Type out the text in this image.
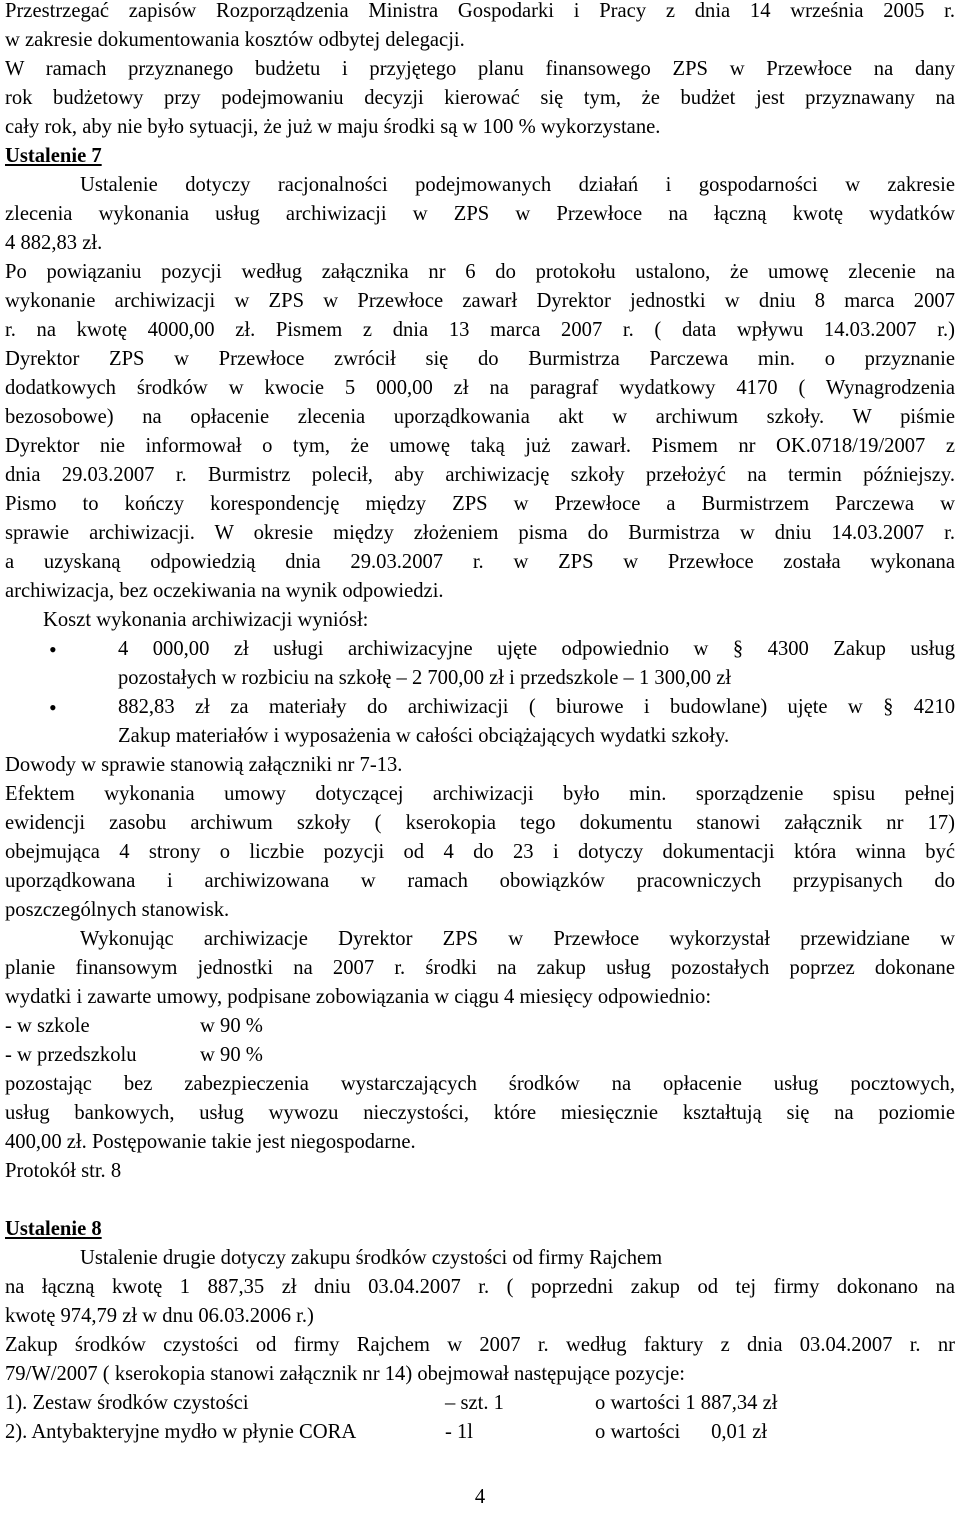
Przestrzegać zapisów Rozporządzenia Ministra Gospodarki i Pracy z dnia 14 września 2005 r.
w zakresie dokumentowania kosztów odbytej delegacji.

W ramach przyznanego budżetu i przyjętego planu finansowego ZPS w Przewłoce na dany
rok budżetowy przy podejmowaniu decyzji kierować się tym, że budżet jest przyznawany na
cały rok, aby nie było sytuacji, że już w maju środki są w 100 % wykorzystane.

Ustalenie 7

Ustalenie dotyczy racjonalności podejmowanych działań i gospodarności w zakresie
zlecenia wykonania usług archiwizacji w ZPS w Przewłoce na łączną kwotę wydatków
4 882,83 zł.

Po powiązaniu pozycji według załącznika nr 6 do protokołu ustalono, że umowę zlecenie na
wykonanie archiwizacji w ZPS w Przewłoce zawarł Dyrektor jednostki w dniu 8 marca 2007
r. na kwotę 4000,00 zł. Pismem z dnia 13 marca 2007 r. ( data wpływu 14.03.2007 r.)
Dyrektor ZPS w Przewłoce zwrócił się do Burmistrza Parczewa min. o przyznanie
dodatkowych środków w kwocie 5 000,00 zł na paragraf wydatkowy 4170 ( Wynagrodzenia
bezosobowe) na opłacenie zlecenia uporządkowania akt w archiwum szkoły. W piśmie
Dyrektor nie informował o tym, że umowę taką już zawarł. Pismem nr OK.0718/19/2007 z
dnia 29.03.2007 r. Burmistrz polecił, aby archiwizację szkoły przełożyć na termin późniejszy.
Pismo to kończy korespondencję między ZPS w Przewłoce a Burmistrzem Parczewa w
sprawie archiwizacji. W okresie między złożeniem pisma do Burmistrza w dniu 14.03.2007 r.
a uzyskaną odpowiedzią dnia 29.03.2007 r. w ZPS w Przewłoce została wykonana
archiwizacja, bez oczekiwania na wynik odpowiedzi.

Koszt wykonania archiwizacji wyniósł:

• 4 000,00 zł usługi archiwizacyjne ujęte odpowiednio w § 4300 Zakup usług
pozostałych w rozbiciu na szkołę – 2 700,00 zł i przedszkole – 1 300,00 zł
• 882,83 zł za materiały do archiwizacji ( biurowe i budowlane) ujęte w § 4210
Zakup materiałów i wyposażenia w całości obciążających wydatki szkoły.

Dowody w sprawie stanowią załączniki nr 7-13.

Efektem wykonania umowy dotyczącej archiwizacji było min. sporządzenie spisu pełnej
ewidencji zasobu archiwum szkoły ( kserokopia tego dokumentu stanowi załącznik nr 17)
obejmująca 4 strony o liczbie pozycji od 4 do 23 i dotyczy dokumentacji która winna być
uporządkowana i archiwizowana w ramach obowiązków pracowniczych przypisanych do
poszczególnych stanowisk.

Wykonując archiwizacje Dyrektor ZPS w Przewłoce wykorzystał przewidziane w
planie finansowym jednostki na 2007 r. środki na zakup usług pozostałych poprzez dokonane
wydatki i zawarte umowy, podpisane zobowiązania w ciągu 4 miesięcy odpowiednio:

- w szkole	w 90 %
- w przedszkolu	w 90 %

pozostając bez zabezpieczenia wystarczających środków na opłacenie usług pocztowych,
usług bankowych, usług wywozu nieczystości, które miesięcznie kształtują się na poziomie
400,00 zł. Postępowanie takie jest niegospodarne.

Protokół str. 8

Ustalenie 8

Ustalenie drugie dotyczy zakupu środków czystości od firmy Rajchem
na łączną kwotę 1 887,35 zł dniu 03.04.2007 r. ( poprzedni zakup od tej firmy dokonano na
kwotę 974,79 zł w dnu 06.03.2006 r.)

Zakup środków czystości od firmy Rajchem w 2007 r. według faktury z dnia 03.04.2007 r. nr
79/W/2007 ( kserokopia stanowi załącznik nr 14) obejmował następujące pozycje:

1). Zestaw środków czystości	– szt. 1	o wartości 1 887,34 zł
2). Antybakteryjne mydło w płynie CORA	- 1l	o wartości      0,01 zł
4
